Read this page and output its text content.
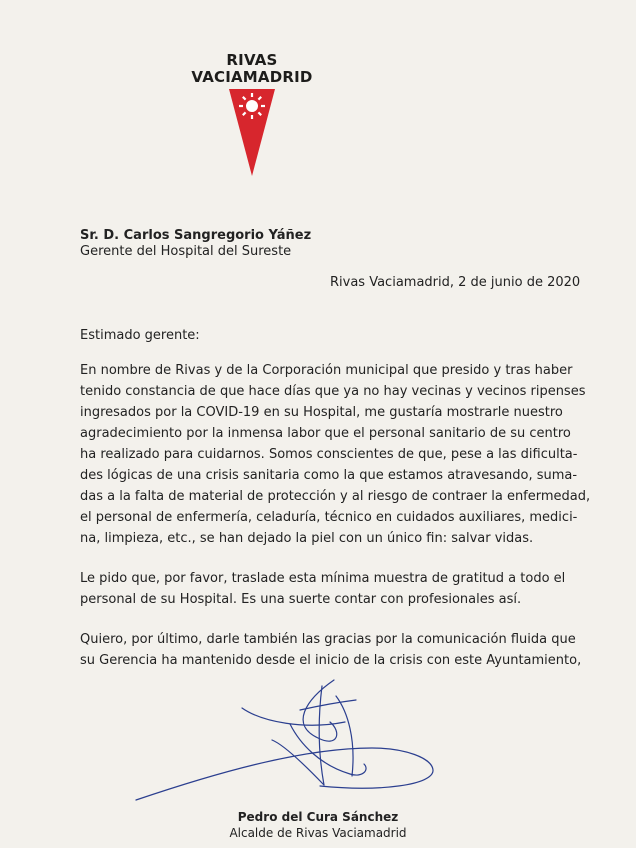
RIVAS
VACIAMADRID
Sr. D. Carlos Sangregorio Yáñez
Gerente del Hospital del Sureste
Rivas Vaciamadrid, 2 de junio de 2020
Estimado gerente:
En nombre de Rivas y de la Corporación municipal que presido y tras haber
tenido constancia de que hace días que ya no hay vecinas y vecinos ripenses
ingresados por la COVID-19 en su Hospital, me gustaría mostrarle nuestro
agradecimiento por la inmensa labor que el personal sanitario de su centro
ha realizado para cuidarnos. Somos conscientes de que, pese a las dificulta-
des lógicas de una crisis sanitaria como la que estamos atravesando, suma-
das a la falta de material de protección y al riesgo de contraer la enfermedad,
el personal de enfermería, celaduría, técnico en cuidados auxiliares, medici-
na, limpieza, etc., se han dejado la piel con un único fin: salvar vidas.
Le pido que, por favor, traslade esta mínima muestra de gratitud a todo el
personal de su Hospital. Es una suerte contar con profesionales así.
Quiero, por último, darle también las gracias por la comunicación fluida que
su Gerencia ha mantenido desde el inicio de la crisis con este Ayuntamiento,
Pedro del Cura Sánchez
Alcalde de Rivas Vaciamadrid
